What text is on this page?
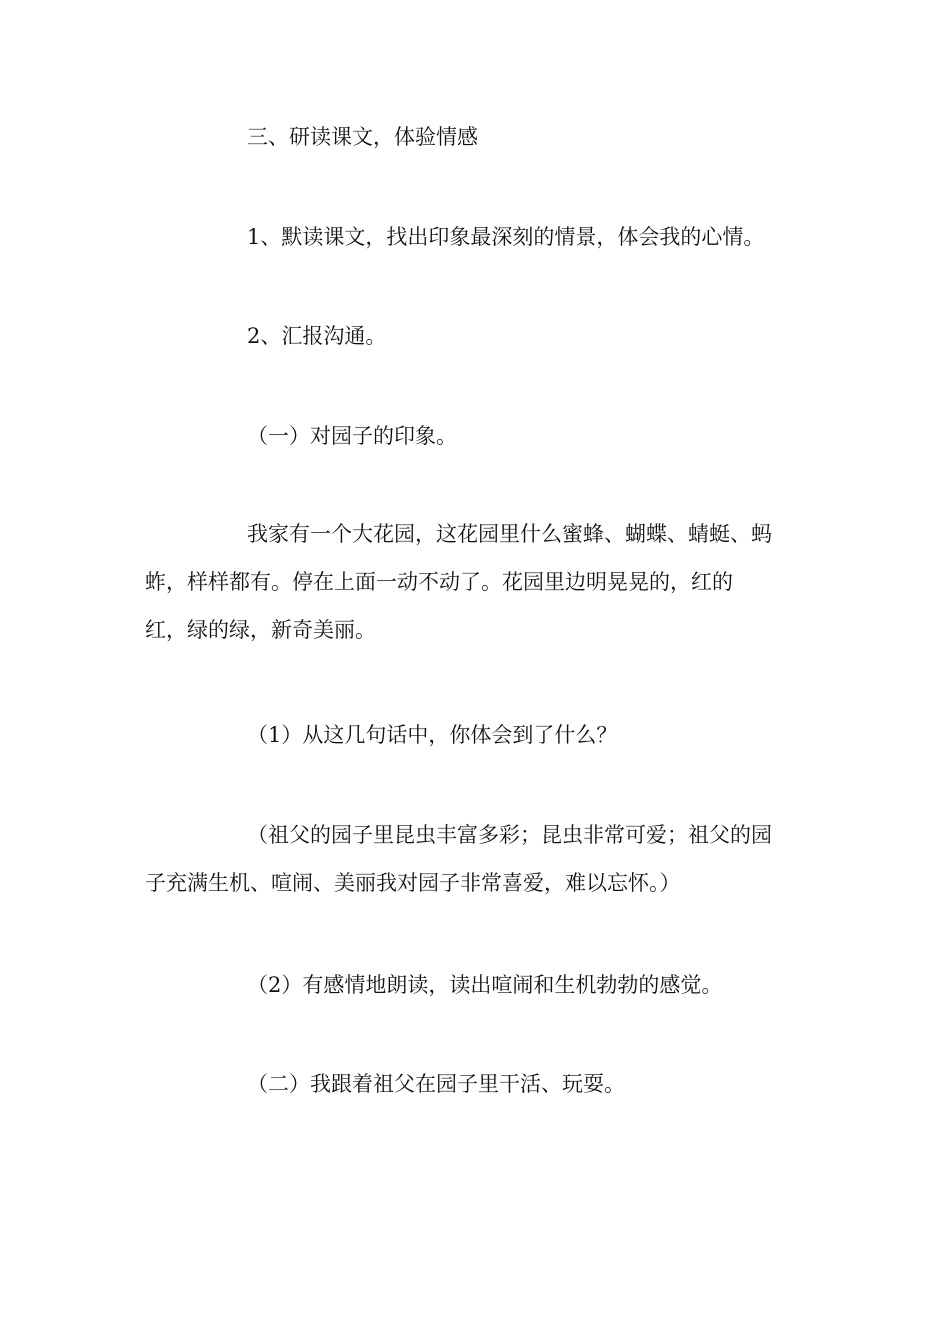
三、研读课文，体验情感

1、默读课文，找出印象最深刻的情景，体会我的心情。

2、汇报沟通。

（一）对园子的印象。

我家有一个大花园，这花园里什么蜜蜂、蝴蝶、蜻蜓、蚂
蚱，样样都有。停在上面一动不动了。花园里边明晃晃的，红的
红，绿的绿，新奇美丽。

（1）从这几句话中，你体会到了什么？

（祖父的园子里昆虫丰富多彩；昆虫非常可爱；祖父的园
子充满生机、喧闹、美丽我对园子非常喜爱，难以忘怀。）

（2）有感情地朗读，读出喧闹和生机勃勃的感觉。

（二）我跟着祖父在园子里干活、玩耍。
